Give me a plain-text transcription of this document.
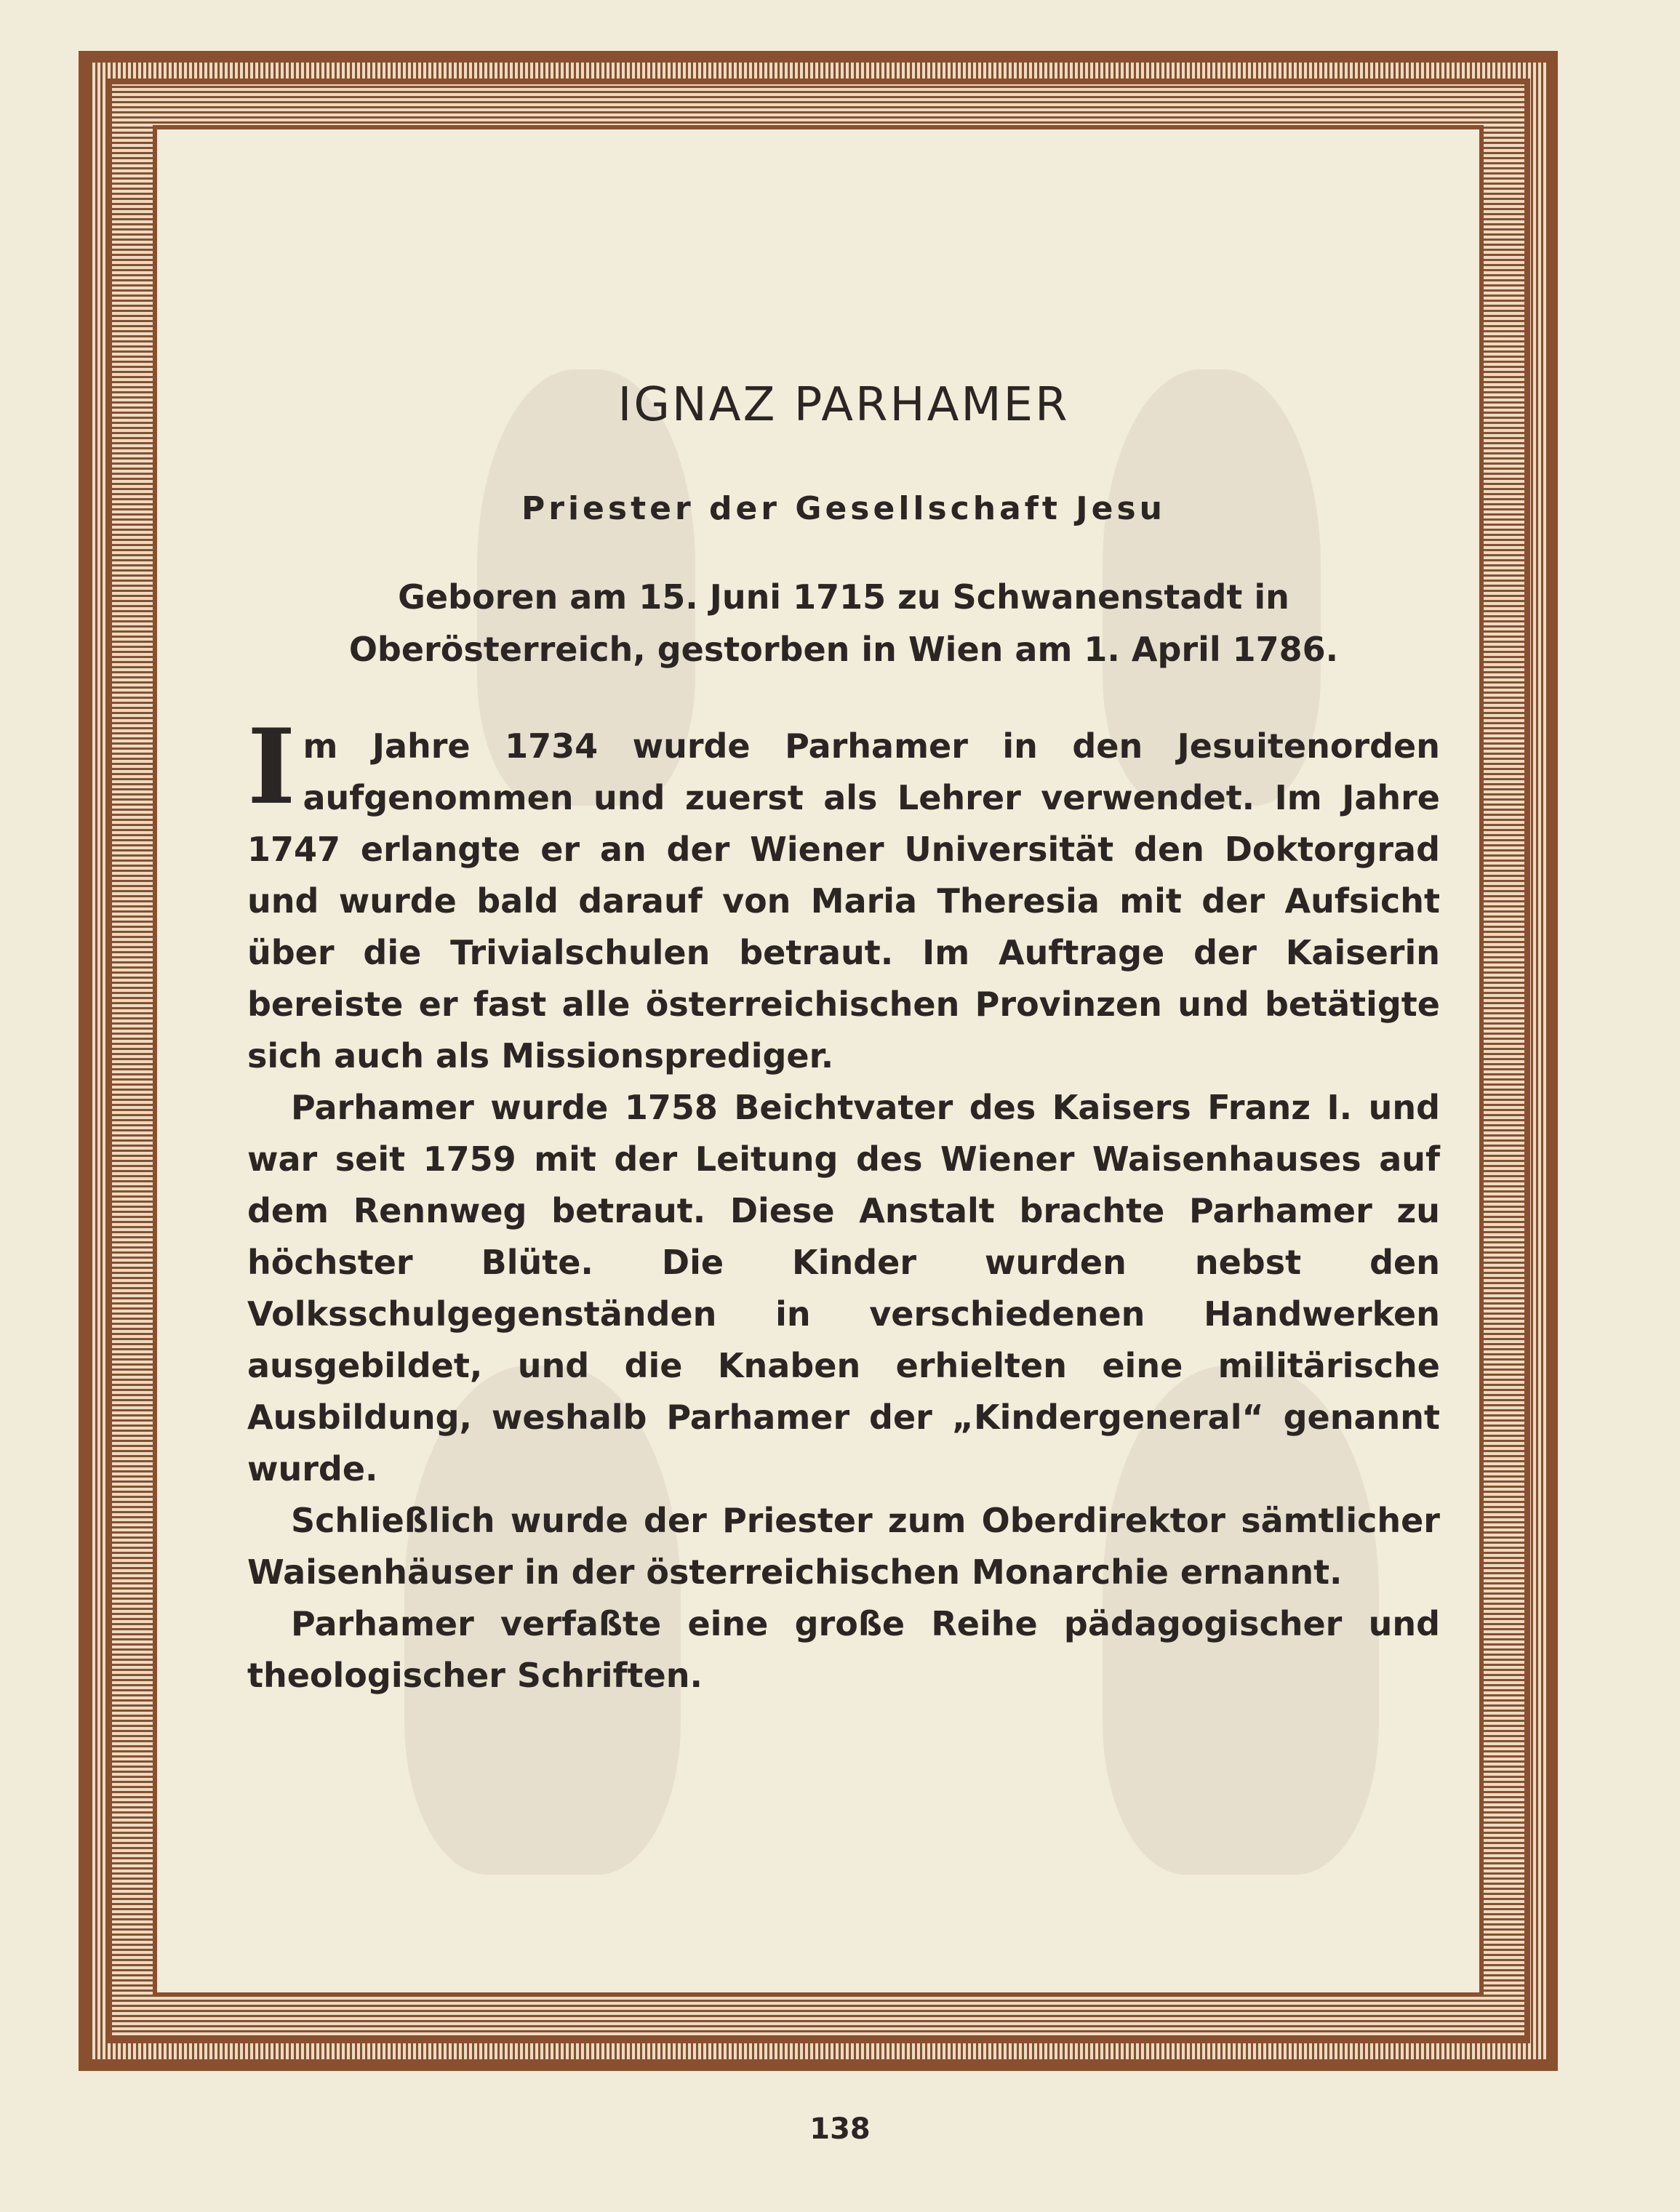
IGNAZ PARHAMER
Priester der Gesellschaft Jesu
Geboren am 15. Juni 1715 zu Schwanenstadt in Oberösterreich, gestorben in Wien am 1. April 1786.

Im Jahre 1734 wurde Parhamer in den Jesuitenorden aufgenommen und zuerst als Lehrer verwendet. Im Jahre 1747 erlangte er an der Wiener Universität den Doktorgrad und wurde bald darauf von Maria Theresia mit der Aufsicht über die Trivialschulen betraut. Im Auftrage der Kaiserin bereiste er fast alle österreichischen Provinzen und betätigte sich auch als Missionsprediger.

Parhamer wurde 1758 Beichtvater des Kaisers Franz I. und war seit 1759 mit der Leitung des Wiener Waisenhauses auf dem Rennweg betraut. Diese Anstalt brachte Parhamer zu höchster Blüte. Die Kinder wurden nebst den Volksschulgegenständen in verschiedenen Handwerken ausgebildet, und die Knaben erhielten eine militärische Ausbildung, weshalb Parhamer der „Kindergeneral“ genannt wurde.

Schließlich wurde der Priester zum Oberdirektor sämtlicher Waisenhäuser in der österreichischen Monarchie ernannt.

Parhamer verfaßte eine große Reihe pädagogischer und theologischer Schriften.

138
